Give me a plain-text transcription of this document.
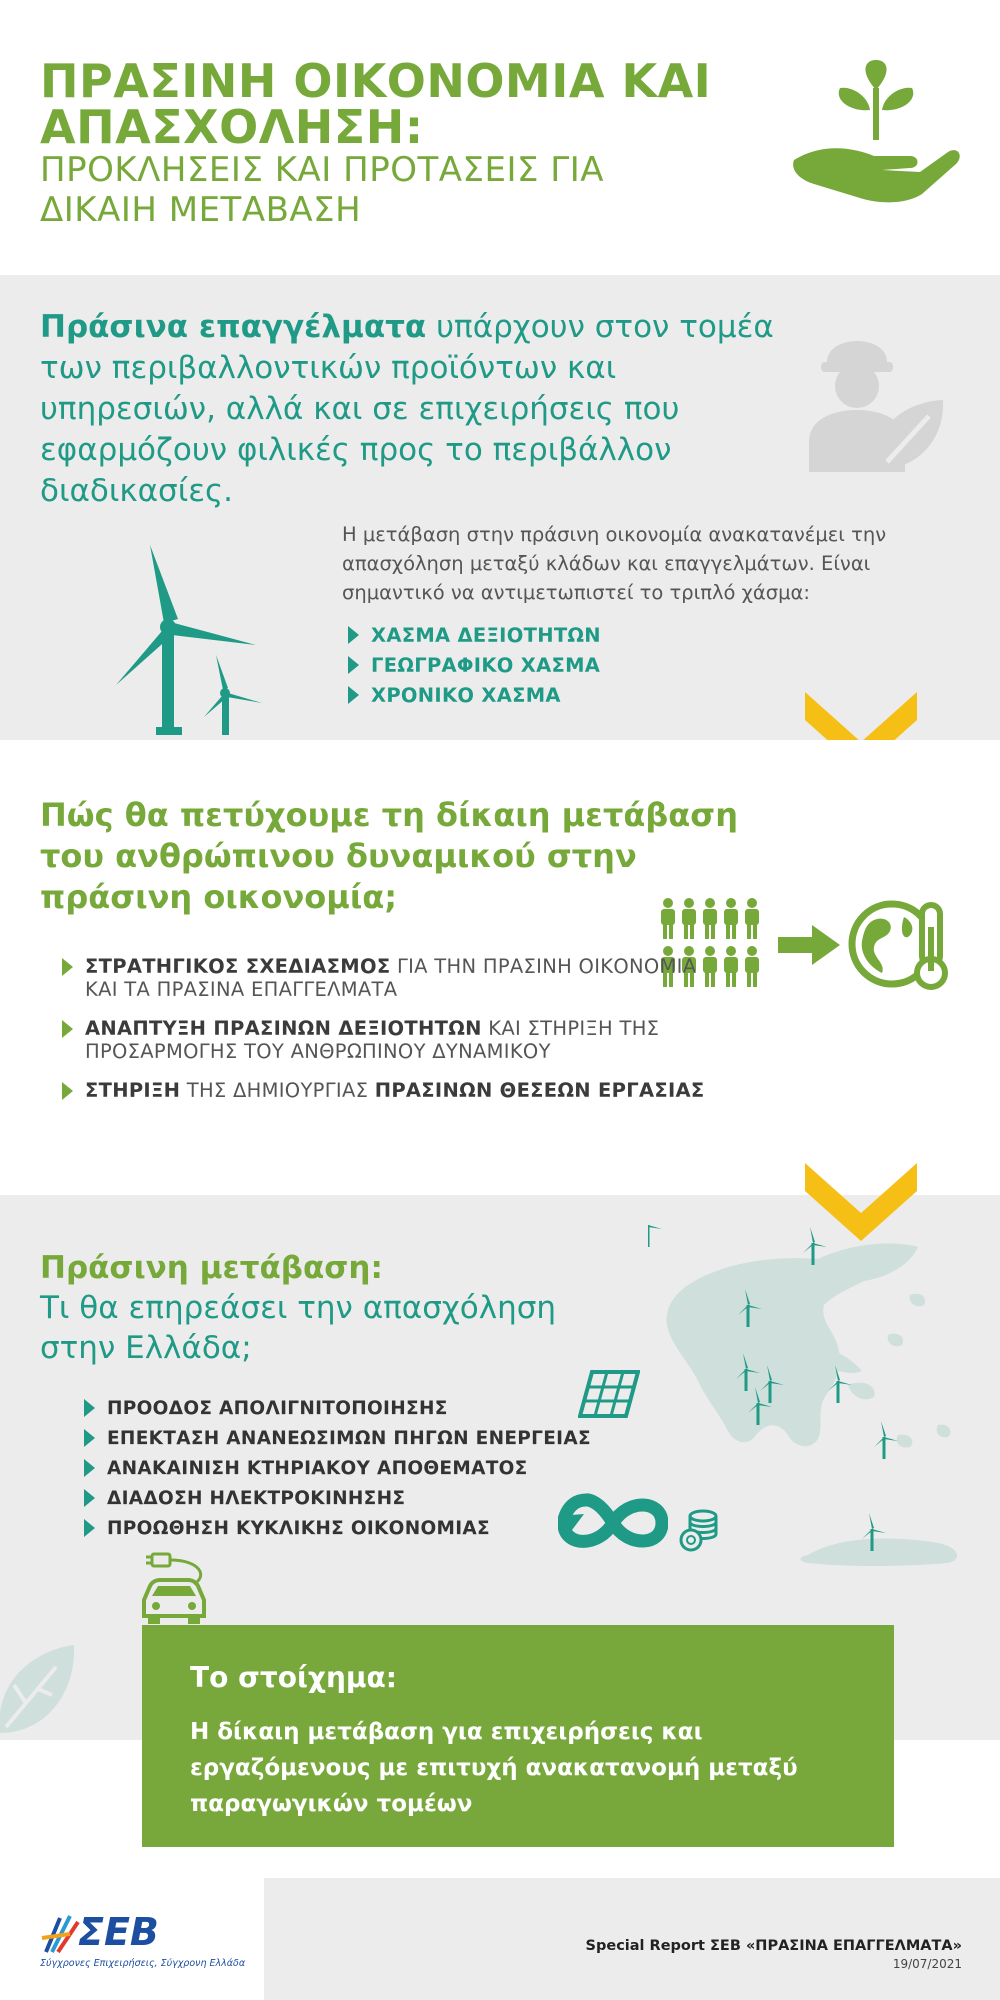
ΠΡΑΣΙΝΗ ΟΙΚΟΝΟΜΙΑ ΚΑΙ ΑΠΑΣΧΟΛΗΣΗ:
ΠΡΟΚΛΗΣΕΙΣ ΚΑΙ ΠΡΟΤΑΣΕΙΣ ΓΙΑ ΔΙΚΑΙΗ ΜΕΤΑΒΑΣΗ
Πράσινα επαγγέλματα υπάρχουν στον τομέα των περιβαλλοντικών προϊόντων και υπηρεσιών, αλλά και σε επιχειρήσεις που εφαρμόζουν φιλικές προς το περιβάλλον διαδικασίες.
Η μετάβαση στην πράσινη οικονομία ανακατανέμει την απασχόληση μεταξύ κλάδων και επαγγελμάτων. Είναι σημαντικό να αντιμετωπιστεί το τριπλό χάσμα:
ΧΑΣΜΑ ΔΕΞΙΟΤΗΤΩΝ
ΓΕΩΓΡΑΦΙΚΟ ΧΑΣΜΑ
ΧΡΟΝΙΚΟ ΧΑΣΜΑ
Πώς θα πετύχουμε τη δίκαιη μετάβαση του ανθρώπινου δυναμικού στην πράσινη οικονομία;
ΣΤΡΑΤΗΓΙΚΟΣ ΣΧΕΔΙΑΣΜΟΣ ΓΙΑ ΤΗΝ ΠΡΑΣΙΝΗ ΟΙΚΟΝΟΜΙΑ ΚΑΙ ΤΑ ΠΡΑΣΙΝΑ ΕΠΑΓΓΕΛΜΑΤΑ
ΑΝΑΠΤΥΞΗ ΠΡΑΣΙΝΩΝ ΔΕΞΙΟΤΗΤΩΝ ΚΑΙ ΣΤΗΡΙΞΗ ΤΗΣ ΠΡΟΣΑΡΜΟΓΗΣ ΤΟΥ ΑΝΘΡΩΠΙΝΟΥ ΔΥΝΑΜΙΚΟΥ
ΣΤΗΡΙΞΗ ΤΗΣ ΔΗΜΙΟΥΡΓΙΑΣ ΠΡΑΣΙΝΩΝ ΘΕΣΕΩΝ ΕΡΓΑΣΙΑΣ
Πράσινη μετάβαση:
Τι θα επηρεάσει την απασχόληση στην Ελλάδα;
ΠΡΟΟΔΟΣ ΑΠΟΛΙΓΝΙΤΟΠΟΙΗΣΗΣ
ΕΠΕΚΤΑΣΗ ΑΝΑΝΕΩΣΙΜΩΝ ΠΗΓΩΝ ΕΝΕΡΓΕΙΑΣ
ΑΝΑΚΑΙΝΙΣΗ ΚΤΗΡΙΑΚΟΥ ΑΠΟΘΕΜΑΤΟΣ
ΔΙΑΔΟΣΗ ΗΛΕΚΤΡΟΚΙΝΗΣΗΣ
ΠΡΟΩΘΗΣΗ ΚΥΚΛΙΚΗΣ ΟΙΚΟΝΟΜΙΑΣ
Το στοίχημα:
Η δίκαιη μετάβαση για επιχειρήσεις και εργαζόμενους με επιτυχή ανακατανομή μεταξύ παραγωγικών τομέων
ΣΕΒ
Σύγχρονες Επιχειρήσεις, Σύγχρονη Ελλάδα
Special Report ΣΕΒ «ΠΡΑΣΙΝΑ ΕΠΑΓΓΕΛΜΑΤΑ»
19/07/2021
